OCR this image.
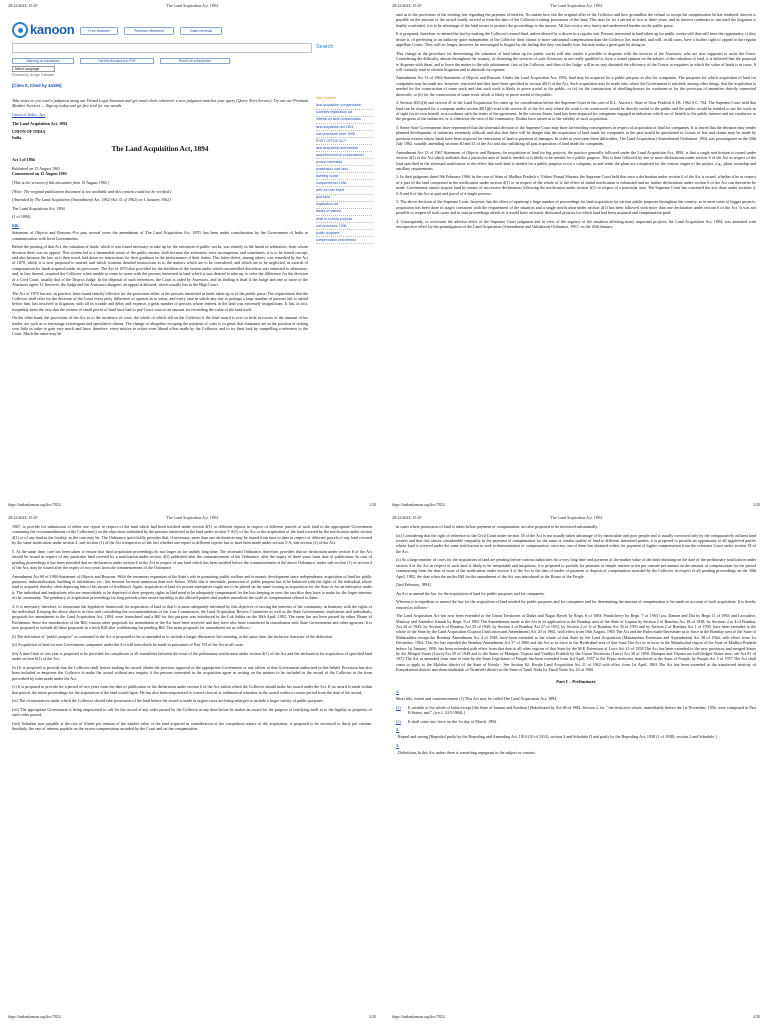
28/12/2024, 15:29	The Land Acquisition Act, 1894
kanoon	Free features	Premium Members	Case removal
Search
Warning on translation	Get this document in PDF	Print it on a file/printer
Select Language
Powered by Google Translate
[Cites 0, Cited by 44195]
User Queries
land acquisition compensation
societies registration act
interest on land compensation
land acquisition act 1894
civil procedure code 1908
POST OFFICE ACT
land acquisition amendment
apportionment of compensation
person interested
possession over land
dwelling house
companies act 1956
with cut over finest
govt land
registration act
award of interest
what is a public purpose
civil procedure 1908
public purposes
compensation and interest

Take notes as you read a judgment using our Virtual Legal Assistant and get email alerts whenever a new judgment matches your query (Query Alert Service). Try out our Premium Member Services — Sign up today and get free trial for one month.

Union of India - Act

The Land Acquisition Act, 1894

UNION OF INDIA

India

The Land Acquisition Act, 1894

Act 1 of 1894

Published on 15 August 1965

Commenced on 15 August 1965

[This is the version of this document from 15 August 1965.]

[Note: The original publication document is not available and this content could not be verified.]

[Amended by The Land Acquisition (Amendment) Act, 1962 (Act 31 of 1962) on 1 January 1962]

The Land Acquisition Act, 1894

(1 of 1894)

046.

Statement of Objects and Reasons.-For past several years the amendment of The Land Acquisition Act, 1870, has been under consideration by the Government of India in communication with local Governments.

Before the passing of that Act, the valuation of lands, which it was found necessary to take up for the execution of public works, was entirely in the hands of arbitrators, from whose decision there was no appeal. This system led to a lamentable waste of the public money, both because the arbitrators were incompetent, and sometimes, it is to be feared corrupt, and also because the law, as it then stood, laid down no instructions for their guidance in the performance of their duties. This latter defect, among others, was remedied by the Act of 1870, which it is now proposed to amend, and which contains detailed instructions as to the matters which are to be considered, and which are to be neglected, in awards of compensation for lands acquired under its provisions. The Act of 1870 also provided for the abolition of the system under which uncontrolled discretion was entrusted to arbitrators, and, in lieu thereof, required the Collector when unable to come to terms with the persons interested in land which it was desired to take up, to refer the difference for the decision of a Civil Court, usually that of the District Judge. In the disposal of such references, the Court is aided by Assessors, and its finding is final if the Judge and one or more of the Assessors agree. If, however, the Judge and the Assessors disagree, an appeal is allowed, which usually lies to the High Court.

The Act of 1870 has not, in practice, been found entirely effective for the protection either of the persons interested in lands taken up or of the public purse. The requirement that the Collector shall refer for the decision of the Court every petty difference of opinion as to value, and every case in which any one or perhaps a large number of persons fail to attend before him, has involved in litigation, with all its trouble and delay and expense, a great number of persons whose interest in the land was extremely insignificant. It has, in fact, frequently been the case that the owners of small pieces of land have had to pay Court costs to an amount far exceeding the value of the land itself.

On the other hand, the provisions of the Act as to the incidence of costs, the whole of which fall on the Collector if the final award is ever so little in excess of the amount of his tender, are such as to encourage extravagant and speculative claims. The change of altogether escaping the payment of costs is so great, that claimants are in the position of risking very little in order to gain very much and have, therefore, every motive to refuse even liberal offers made by the Collector, and to try their luck by compelling a reference to the Court. Much the same may be

https://indiankanoon.org/doc/7832/	1/20
28/12/2024, 15:29	The Land Acquisition Act, 1894

said as to the provisions of the existing law regarding the payment of interest. No matter how fair the original offer of the Collector and how groundless the refusal to accept the compensation he has tendered, interest is payable on the amount of the award finally arrived at from the date of the Collector's taking possession of the land. This may be for a period of two or three years, and as interest continues to run until the litigation is finally concluded, it is to be advantage of the land owner to protract the proceedings to the utmost. All this costs a very heavy and undeserved burden on the public purse.

It is proposed, therefore, to amend the law by making the Collector's award final, unless altered by a decree in a regular suit. Persons interested in land taken up for public works will thus still have the opportunity, if they desire it, of preferring to an authority quite independent of the Collector their claims to more substantial compensation than the Collector has awarded, and will, in all cases, have a further right of appeal to the regular appellate Courts. They will no longer, however, be encouraged to litigate by the feeling that they can hardly lose, but may make a great gain by doing so.

This change in the procedure for determining the valuation of land taken up for public works will also render it possible to dispense with the services of the Assessors, who are now supposed to assist the Court. Considering the difficulty, almost throughout the country, of obtaining the services of such Assessors as are really qualified to form a sound opinion on the subject of the valuation of land, it is believed that the proposal to dispense with them, and to leave the matter to the sole arbitrament, first of the Collector, and then of the Judge, will in no way diminish the efficiency of the Courts in enquiries in which the value of lands is in issue. It will certainly tend to shorten litigation and to diminish its expense.

Amendment Act 31 of 1962-Statement of Objects and Reasons.-Under the Land Acquisition Act, 1894, land may be acquired for a public purpose as also for companies. The purposes for which acquisition of land for companies may be made are, however, restricted and they have been specified in section 40(1) of the Act. Such acquisition may be made only where the Government is satisfied, among other things, that the acquisition is needed for the construction of some work and that such work is likely to prove useful to the public, or (a) for the construction of dwelling-houses for workmen or for the provision of amenities directly connected therewith; or (b) for the construction of some work which is likely to prove useful to the public.

2. Section 40(1)(b) and section 41 of the Land Acquisition Act came up for consideration before the Supreme Court in the case of R.L. Aurora v. State of Uttar Pradesh A.I.R. 1962 S.C. 764. The Supreme Court held that land can be acquired for a company under section 40(1)(b) read with section 41 of the Act only where the work to be constructed would be directly useful to the public and the public would be entitled to use the work as of right for its own benefit in accordance with the terms of the agreement. In the various States, land has been acquired for companies engaged in industries which are of benefit to the public interest and are conducive to the progress of the industries, or is otherwise the case of the community. Doubts have arisen as to the validity of such acquisition.

3. Some State Governments have represented that the aforesaid decision of the Supreme Court may have far-reaching consequences in respect of acquisition of land for companies. It is feared that the decision may render planned development of industries extremely difficult and also that there will be danger that the acquisition of land made for companies in the past would be questioned in Courts of law and claims may be made by previous owners whose lands have been acquired for restoration of land or payment of damages. In order to overcome these difficulties, The Land Acquisition (Amendment) Ordinance, 1962 was promulgated on the 20th July 1962, suitably amending sections 40 and 41 of the Act and also validating all past acquisition of land made for companies.

Amendment Act 13 of 1967-Statement of Objects and Reasons.-In acquisition of land for big projects, the practice generally followed under the Land Acquisition Act, 1894, is that a single notification is issued under section 4(1) of the Act which indicates that a particular area of land is needed or is likely to be needed for a public purpose. This is then followed by one or more declarations under section 6 of the Act in respect of the land specified in the aforesaid notification to the effect that such land is needed for a public purpose or for a company, as and when the plans are completed for the various stages of the project, e.g., plant, township and ancillary requirements.

2. In their judgment dated 9th February 1966, in the case of State of Madhya Pradesh v. Vishnu Prasad Sharma, the Supreme Court held that once a declaration under section 6 of the Act is issued, whether it be in respect of a part of the land comprised in the notification under section 4(1) or in respect of the whole of it, the effect of initial notification is exhausted and no further declarations under section 6 of the Act can thereafter be made. Government cannot acquire land by means of successive declarations following the notification under section 4(1) in respect of a particular area. The Supreme Court has construed the acts done under sections 4, 5-A and 6 of the Act as part and parcel of a single process.

3. The above decision of the Supreme Court, however, has the effect of upsetting a large number of proceedings for land acquisition for various public purposes throughout the country, as in most cases of bigger projects, acquisition has been done in stages consistent with the requirement of the situation and a single notification under section 4(1) has been followed with more than one declaration under section 6 of the Act. It was not possible to reopen all such cases and to start proceedings afresh as it would have seriously dislocated projects for which land had been acquired and compensation paid.

4. Consequently, to overcome the adverse effect of the Supreme Court judgment and in view of the urgency of the situation affecting many important projects, the Land Acquisition Act, 1894, was amended with retrospective effect by the promulgation of the Land Acquisition (Amendment and Validation) Ordinance, 1967, on the 20th January

https://indiankanoon.org/doc/7832/	2/20
28/12/2024, 15:29	The Land Acquisition Act, 1894

1967, to provide for submission of either one report in respect of the land which had been notified under section 4(1) or different reports in respect of different parcels of such land to the appropriate Government containing the recommendations of the Collector(s) on the objections submitted by the persons interested in the land under section 5-A(1) of the Act or the acquisition of the land covered by the notification under section 4(1) or of any land in the locality, as the case may be. The Ordinance specifically provides that, if necessary, more than one declaration may be issued from time to time in respect of different parcels of any land covered by the same notification under section 4, sub-section (1) of the Act irrespective of the fact whether one report or different reports has or have been made under section 5-A, sub-section (2) of the Act.

5. At the same time, care has been taken to ensure that land acquisition proceedings do not linger on for unduly long time. The aforesaid Ordinance, therefore, provides that no declaration under section 6 of the Act should be issued in respect of any particular land covered by a notification under section 4(1) published after the commencement of the Ordinance, after the expiry of three years from date of publication. In case of pending proceedings it has been provided that no declaration under section 6 of the Act in respect of any land which has been notified before the commencement of the above Ordinance, under sub-section (1) of section 4 of the Act, may be issued after the expiry of two years from the commencement of the Ordinance.

Amendment Act 68 of 1984-Statement of Objects and Reasons.-With the enormous expansion of the State's role in promoting public welfare and economic development since independence, acquisition of land for public purposes, industrialisation, building of institutions, etc., has become far more numerous than ever before. While this is inevitable, promotion of public purpose has to be balanced with the rights of the individual whose land is acquired, thereby often depriving him of his means of livelihood. Again, acquisition of land for private enterprises ought not to be placed on the same footing as acquisition for the State or for an enterprise under it. The individual and institutions who are unavoidably to be deprived of their property rights in land need to be adequately compensated for the loss keeping in view the sacrifice they have to make for the larger interests of the community. The pendency of acquisition proceedings for long periods often causes hardship to the affected parties and renders unrealistic the scale of compensation offered to them.

2. It is necessary, therefore, to restructure the legislative framework for acquisition of land so that it is more adequately informed by this objective of serving the interests of the community in harmony with the rights of the individual. Keeping the above objects in view and considering the recommendations of the Law Commission, the Land Acquisition Review Committee as well as the State Governments, institutions and individuals, proposals for amendment to the Land Acquisition Act, 1894, were formulated and a Bill for this purpose was introduced in the Lok Sabha on the 30th April, 1982. The same has not been passed by either House of Parliament. Since the introduction of the Bill, various other proposals for amendment of the Act have been received and they have also been considered in consultation with State Governments and other agencies. It is now proposed to include all these proposals in a fresh Bill after withdrawing the pending Bill. The main proposals for amendment are as follows:-

(i) The definition of "public purpose" as contained in the Act is proposed to be so amended as to include a longer illustrative list retaining, at the same time, the inclusive character of the definition.

(ii) Acquisition of land for non-Government companies under the Act will henceforth be made in pursuance of Part VII of the Act in all cases.

(iii) A time-limit of one year is proposed to be provided for completion of all formalities between the issue of the preliminary notification under section 4(1) of the Act and the declaration for acquisition of specified land under section 6(1) of the Act.

(iv) It is proposed to provide that the Collector shall, before making his award, obtain the previous approval of the appropriate Government or any officer of that Government authorised in this behalf. Provision has also been included to empower the Collector to make the award without any enquiry if the persons interested in the acquisition agree in writing on the matters to be included in the award of the Collector in the form prescribed by rules made under the Act.

(v) It is proposed to provide for a period of two years from the date of publication of the declaration under section 6 of the Act within which the Collector should make his award under the Act. If no award is made within that period, the entire proceedings for the acquisition of the land would lapse. He has also been empowered to correct clerical or arithmetical mistakes in the award within a certain period from the date of the award.

(vi) The circumstances under which the Collector should take possession of the land before the award is made in urgent cases are being enlarged to include a larger variety of public purposes.

(vii) The appropriate Government is being empowered to call for the record of any order passed by the Collector at any time before he makes an award for the purpose of satisfying itself as to the legality or propriety of such order passed.

(viii) Solatium now payable at the rate of fifteen per centum of the market value of the land acquired in consideration of the compulsory nature of the acquisition, is proposed to be increased to thirty per centum. Similarly, the rate of interest payable on the excess compensation awarded by the Court and on the compensation

https://indiankanoon.org/doc/7832/	3/20
28/12/2024, 15:29	The Land Acquisition Act, 1894

in cases where possession of land is taken before payment of compensation, are also proposed to be increased substantially.

(ix) Considering that the right of reference to the Civil Court under section 18 of the Act is not usually taken advantage of by inarticulate and poor people and is usually exercised only by the comparatively affluent land owners and that this causes considerable inequality in the payment of compensation for the same or similar quality of land to different interested parties, it is proposed to provide an opportunity to all aggrieved parties whose land is covered under the same notification to seek re-determination of compensation, once any one of them has obtained orders for payment of higher compensation from the reference Court under section 18 of the Act.

(x) As a large number of cases for the acquisition of land are pending before various authorities for a very long time and payment of the market value of the land obtaining on the date of the preliminary notification under section 4 of the Act in respect of such land is likely to be inequitable and iniquitous, it is proposed to provide for payment of simple interest at ten per centum per annum on the amount of compensation for the period commencing from the date of issue of the notification under section 4 of the Act to the date of tender of payment or deposit of compensation awarded by the Collector in respect of all pending proceedings on the 30th April, 1982, the date when the earlier Bill for the amendment of the Act was introduced in the House of the People.

[2nd February, 1894]

An Act to amend the law for the acquisition of land for public purposes and for companies.

Whereas it is expedient to amend the law for the acquisition of land needed for public purposes and for companies and for determining the amount of compensation to be made on account of such acquisition; It is hereby enacted as follows:-

The Land Acquisition Act has now been extended to the Union Territories of Dadra and Nagar Haveli by Regn. 6 of 1963; Pondicherry by Regn. 7 of 1963 Goa, Daman and Diu by Regn.11 of 1963 and Laccadive, Minicoy and Amindivi Islands by Regn. 8 of 1965 The Amendments made to the Act in its application to the Bombay area of the State of Gujarat by Section 2 of Bombay Act 18 of 1938; by Sections 2 to 4 of Bombay Act 20 of 1945; by Section 6 of Bombay Act 35 of 1949; by Section 2 of Bombay Act 27 of 1951; by Section 2 of 11 of Bombay Act 35 of 1953 and by Section 2 of Bombay Act 1 of 1958, have been extended to the whole of the State by the Land Acquisition (Gujarat Unification and Amendment) Act 20 of 1965, with effect from 16th August, 1965 The Act and the Rules made thereunder as in force in the Bombay area of the State of Maharashtra except the Bombay Amendment Act 4 of 1948, have been extended to the whole of that State by the Land Acquisition (Maharashtra Extension and Amendment) Act 38 of 1964, with effect from 1st December, 1964. This Act has repealed the Bombay Amendment Act 37 of 1960 and the Act as in force in the Hyderabad area of that State The Act as in force in the Mahakoshal region of the State of Madhya Pradesh before 1st January, 1950, has been extended with effect from that date to all other regions of that State by the M.P. Extension of Laws Act 23 of 1958 The Act has been extended to the new provinces and merged States by the Merged States (Laws) Act 59 of 1949 and to the States of Manipur, Tripura and Vindhya Pradesh by the Union Territories (Laws) Act 30 of 1950. Manipur and Tripura are full-fledged States now; see Act 81 of 1971 The Act as amended from time to time by the State Legislature of Punjab has been extended from 3rd April, 1957 to the Pepsu territories transferred to the State of Punjab, by Punjab Act 5 of 1957 The Act shall cease to apply to the Malabar district of the State of Kerala - See Section 62, Kerala Land Acquisition Act 21 of 1962 with effect from 1st April, 1963 The Act has been extended to the transferred territory of Kanyakumari district and shencottahtaluk of Tirnelveli district in the State of Tamil Nadu by Tamil Nadu Act 23 of 1960.

Part I – Preliminary
1.

Short title, extent and commencement (1) This Act may be called The Land Acquisition Act, 1894.

(2)	It extends to the whole of India except [the State of Jammu and Kashmir] [Substituted by Act 68 of 1984, Section 2, for " the territories which, immediately before the 1st November, 1956, were comprised in Part B States; and " (w.e.f. 24.9.1984).]

(3)	It shall come into force on the 1st day of March, 1894.

2.

. Repeal and saving.[Repealed partly by the Repealing and Amending Act, 1914 (10 of 1914), section 3 and Schedule II and partly by the Repealing Act, 1938 (1 of 1938), section 2 and Schedule.]

3.

. Definitions.In this Act unless there is something repugnant in the subject or context,

https://indiankanoon.org/doc/7832/	4/20
